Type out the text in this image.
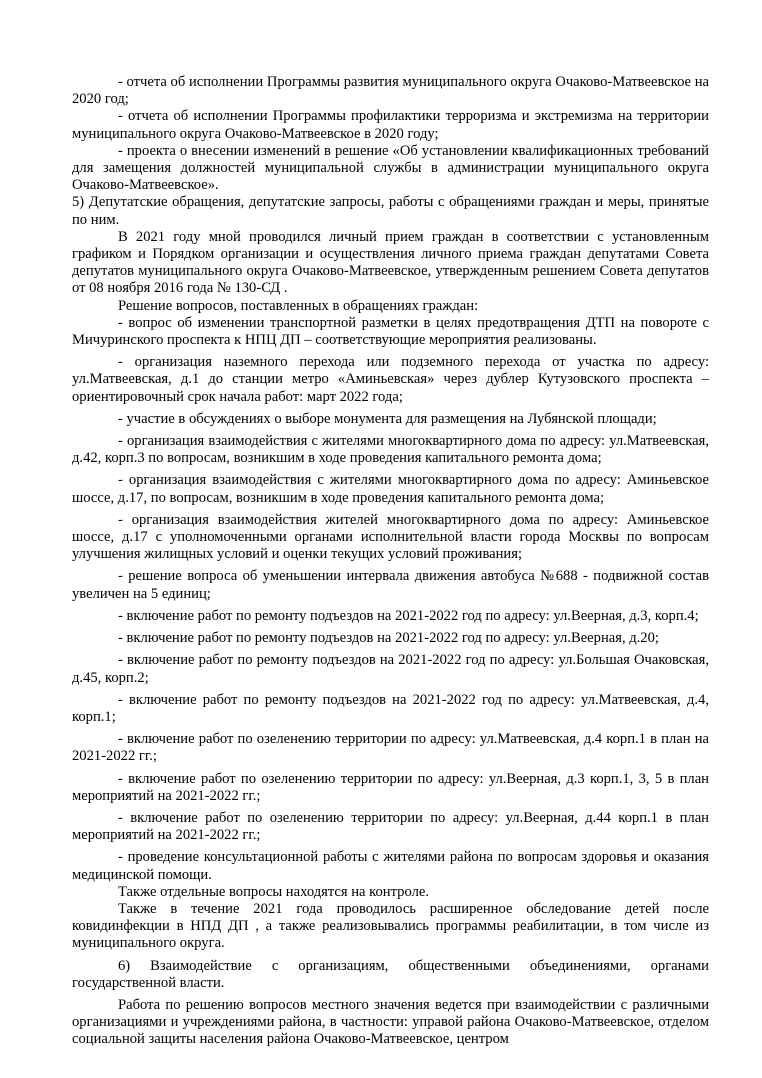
- отчета об исполнении Программы развития муниципального округа Очаково-Матвеевское на 2020 год;

- отчета об исполнении Программы профилактики терроризма и экстремизма на территории муниципального округа Очаково-Матвеевское в 2020 году;

- проекта о внесении изменений в решение «Об установлении квалификационных требований для замещения должностей муниципальной службы в администрации муниципального округа Очаково-Матвеевское».

5) Депутатские обращения, депутатские запросы, работы с обращениями граждан и меры, принятые по ним.

В 2021 году мной проводился личный прием граждан в соответствии с установленным графиком и Порядком организации и осуществления личного приема граждан депутатами Совета депутатов муниципального округа Очаково-Матвеевское, утвержденным решением Совета депутатов от 08 ноября 2016 года № 130-СД .

Решение вопросов, поставленных в обращениях граждан:

- вопрос об изменении транспортной разметки в целях предотвращения ДТП на повороте с Мичуринского проспекта к НПЦ ДП – соответствующие мероприятия реализованы.

- организация наземного перехода или подземного перехода от участка по адресу: ул.Матвеевская, д.1 до станции метро «Аминьевская» через дублер Кутузовского проспекта – ориентировочный срок начала работ: март 2022 года;

- участие в обсуждениях о выборе монумента для размещения на Лубянской площади;

- организация взаимодействия с жителями многоквартирного дома по адресу: ул.Матвеевская, д.42, корп.3 по вопросам, возникшим в ходе проведения капитального ремонта дома;

- организация взаимодействия с жителями многоквартирного дома по адресу: Аминьевское шоссе, д.17, по вопросам, возникшим в ходе проведения капитального ремонта дома;

- организация взаимодействия жителей многоквартирного дома по адресу: Аминьевское шоссе, д.17 с уполномоченными органами исполнительной власти города Москвы по вопросам улучшения жилищных условий и оценки текущих условий проживания;

- решение вопроса об уменьшении интервала движения автобуса №688 - подвижной состав увеличен на 5 единиц;

- включение работ по ремонту подъездов на 2021-2022 год по адресу: ул.Веерная, д.3, корп.4;

- включение работ по ремонту подъездов на 2021-2022 год по адресу: ул.Веерная, д.20;

- включение работ по ремонту подъездов на 2021-2022 год по адресу: ул.Большая Очаковская, д.45, корп.2;

- включение работ по ремонту подъездов на 2021-2022 год по адресу: ул.Матвеевская, д.4, корп.1;

- включение работ по озеленению территории по адресу: ул.Матвеевская, д.4 корп.1 в план на 2021-2022 гг.;

- включение работ по озеленению территории по адресу: ул.Веерная, д.3 корп.1, 3, 5 в план мероприятий на 2021-2022 гг.;

- включение работ по озеленению территории по адресу: ул.Веерная, д.44 корп.1 в план мероприятий на 2021-2022 гг.;

- проведение консультационной работы с жителями района по вопросам здоровья и оказания медицинской помощи.

Также отдельные вопросы находятся на контроле.

Также в течение 2021 года проводилось расширенное обследование детей после ковидинфекции в НПД ДП , а также реализовывались программы реабилитации, в том числе из муниципального округа.

6) Взаимодействие с организациям, общественными объединениями, органами государственной власти.

Работа по решению вопросов местного значения ведется при взаимодействии с различными организациями и учреждениями района, в частности: управой района Очаково-Матвеевское, отделом социальной защиты населения района Очаково-Матвеевское, центром
